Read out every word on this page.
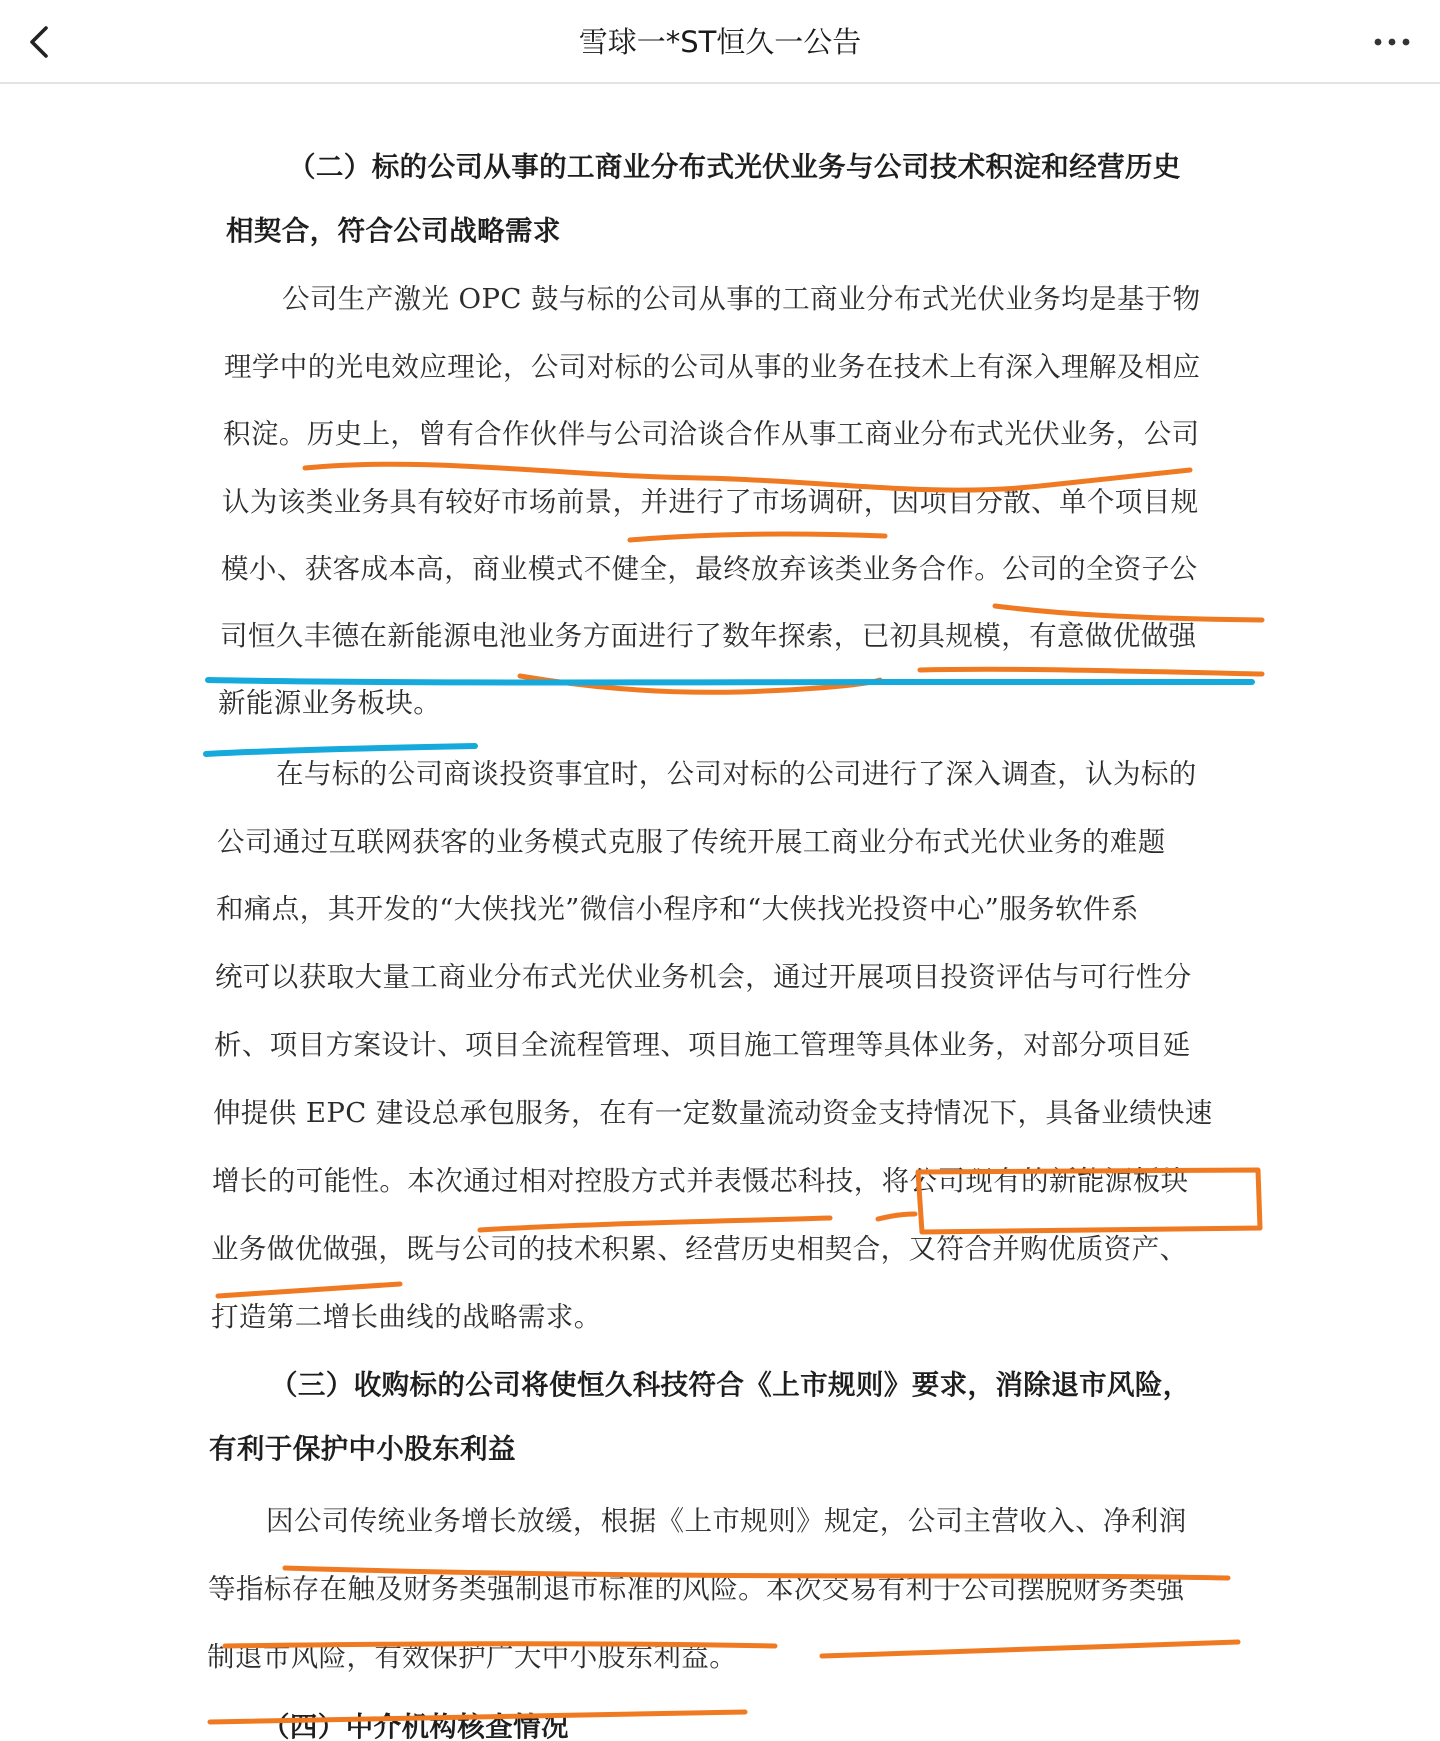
雪球一*ST恒久一公告
（二）标的公司从事的工商业分布式光伏业务与公司技术积淀和经营历史
相契合，符合公司战略需求
公司生产激光 OPC 鼓与标的公司从事的工商业分布式光伏业务均是基于物
理学中的光电效应理论，公司对标的公司从事的业务在技术上有深入理解及相应
积淀。历史上，曾有合作伙伴与公司洽谈合作从事工商业分布式光伏业务，公司
认为该类业务具有较好市场前景，并进行了市场调研，因项目分散、单个项目规
模小、获客成本高，商业模式不健全，最终放弃该类业务合作。公司的全资子公
司恒久丰德在新能源电池业务方面进行了数年探索，已初具规模，有意做优做强
新能源业务板块。
在与标的公司商谈投资事宜时，公司对标的公司进行了深入调查，认为标的
公司通过互联网获客的业务模式克服了传统开展工商业分布式光伏业务的难题
和痛点，其开发的“大侠找光”微信小程序和“大侠找光投资中心”服务软件系
统可以获取大量工商业分布式光伏业务机会，通过开展项目投资评估与可行性分
析、项目方案设计、项目全流程管理、项目施工管理等具体业务，对部分项目延
伸提供 EPC 建设总承包服务，在有一定数量流动资金支持情况下，具备业绩快速
增长的可能性。本次通过相对控股方式并表慑芯科技，将公司现有的新能源板块
业务做优做强，既与公司的技术积累、经营历史相契合，又符合并购优质资产、
打造第二增长曲线的战略需求。
（三）收购标的公司将使恒久科技符合《上市规则》要求，消除退市风险，
有利于保护中小股东利益
因公司传统业务增长放缓，根据《上市规则》规定，公司主营收入、净利润
等指标存在触及财务类强制退市标准的风险。本次交易有利于公司摆脱财务类强
制退市风险，有效保护广大中小股东利益。
（四）中介机构核查情况
